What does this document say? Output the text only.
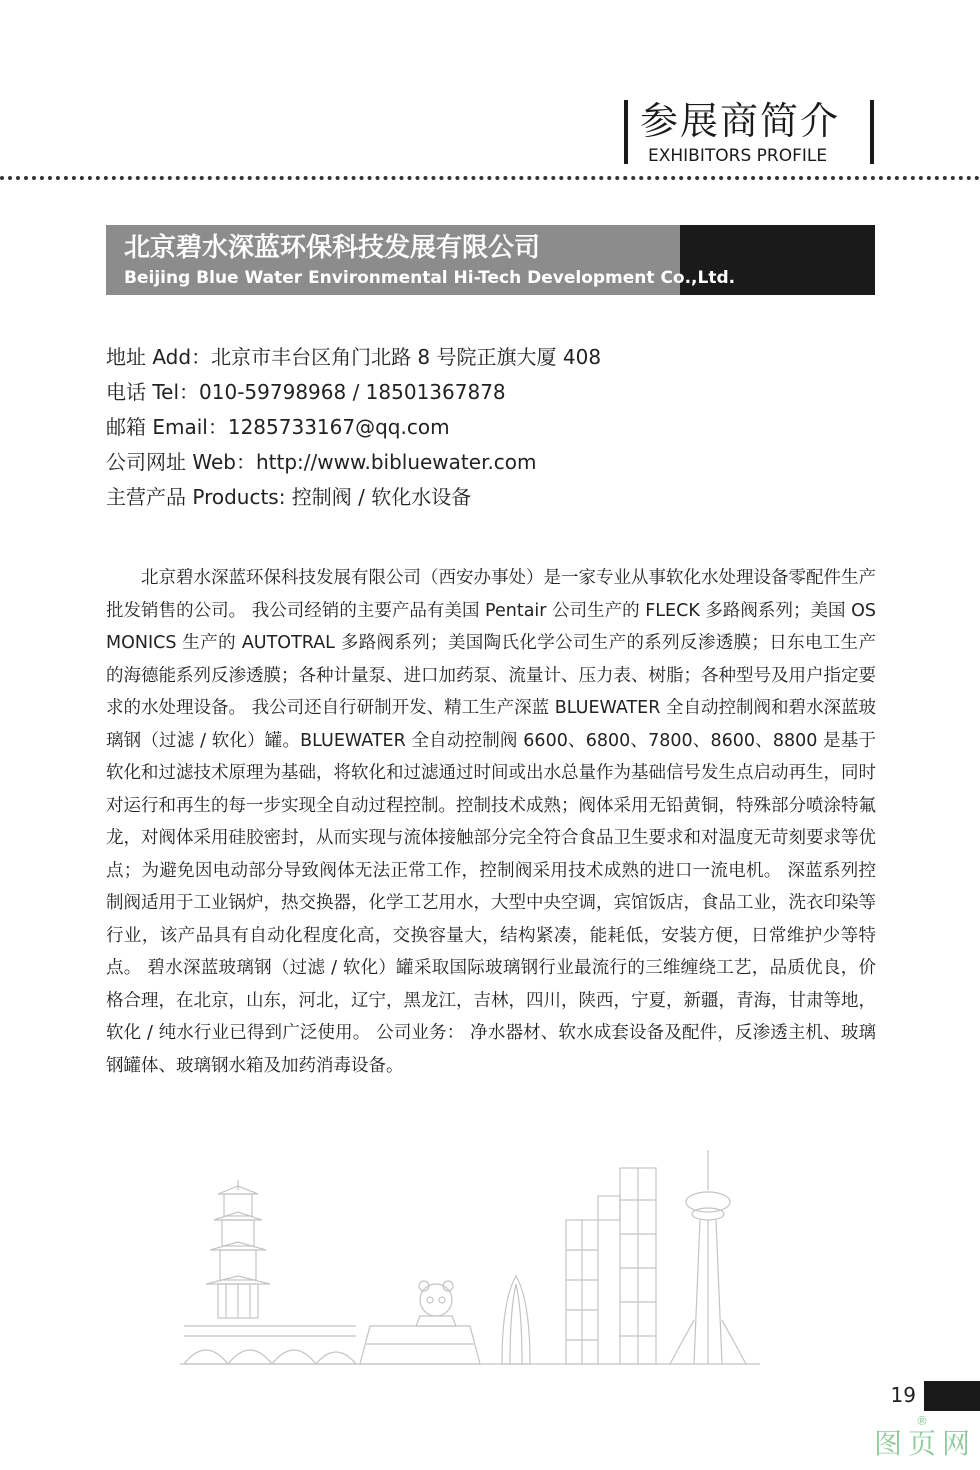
参展商简介
EXHIBITORS PROFILE
北京碧水深蓝环保科技发展有限公司
Beijing Blue Water Environmental Hi-Tech Development Co.,Ltd.
地址 Add：北京市丰台区角门北路 8 号院正旗大厦 408
电话 Tel：010-59798968 / 18501367878
邮箱 Email：1285733167@qq.com
公司网址 Web：http://www.bibluewater.com
主营产品 Products: 控制阀 / 软化水设备

北京碧水深蓝环保科技发展有限公司（西安办事处）是一家专业从事软化水处理设备零配件生产批发销售的公司。 我公司经销的主要产品有美国 Pentair 公司生产的 FLECK 多路阀系列；美国 OSMONICS 生产的 AUTOTRAL 多路阀系列；美国陶氏化学公司生产的系列反渗透膜；日东电工生产的海德能系列反渗透膜；各种计量泵、进口加药泵、流量计、压力表、树脂；各种型号及用户指定要求的水处理设备。 我公司还自行研制开发、精工生产深蓝 BLUEWATER 全自动控制阀和碧水深蓝玻璃钢（过滤 / 软化）罐。BLUEWATER 全自动控制阀 6600、6800、7800、8600、8800 是基于软化和过滤技术原理为基础，将软化和过滤通过时间或出水总量作为基础信号发生点启动再生，同时对运行和再生的每一步实现全自动过程控制。控制技术成熟；阀体采用无铅黄铜，特殊部分喷涂特氟龙，对阀体采用硅胶密封，从而实现与流体接触部分完全符合食品卫生要求和对温度无苛刻要求等优点；为避免因电动部分导致阀体无法正常工作，控制阀采用技术成熟的进口一流电机。 深蓝系列控制阀适用于工业锅炉，热交换器，化学工艺用水，大型中央空调，宾馆饭店，食品工业，洗衣印染等行业，该产品具有自动化程度化高，交换容量大，结构紧凑，能耗低，安装方便，日常维护少等特点。 碧水深蓝玻璃钢（过滤 / 软化）罐采取国际玻璃钢行业最流行的三维缠绕工艺，品质优良，价格合理，在北京，山东，河北，辽宁，黑龙江，吉林，四川，陕西，宁夏，新疆，青海，甘肃等地，软化 / 纯水行业已得到广泛使用。 公司业务： 净水器材、软水成套设备及配件，反渗透主机、玻璃钢罐体、玻璃钢水箱及加药消毒设备。

19
图页网
®
